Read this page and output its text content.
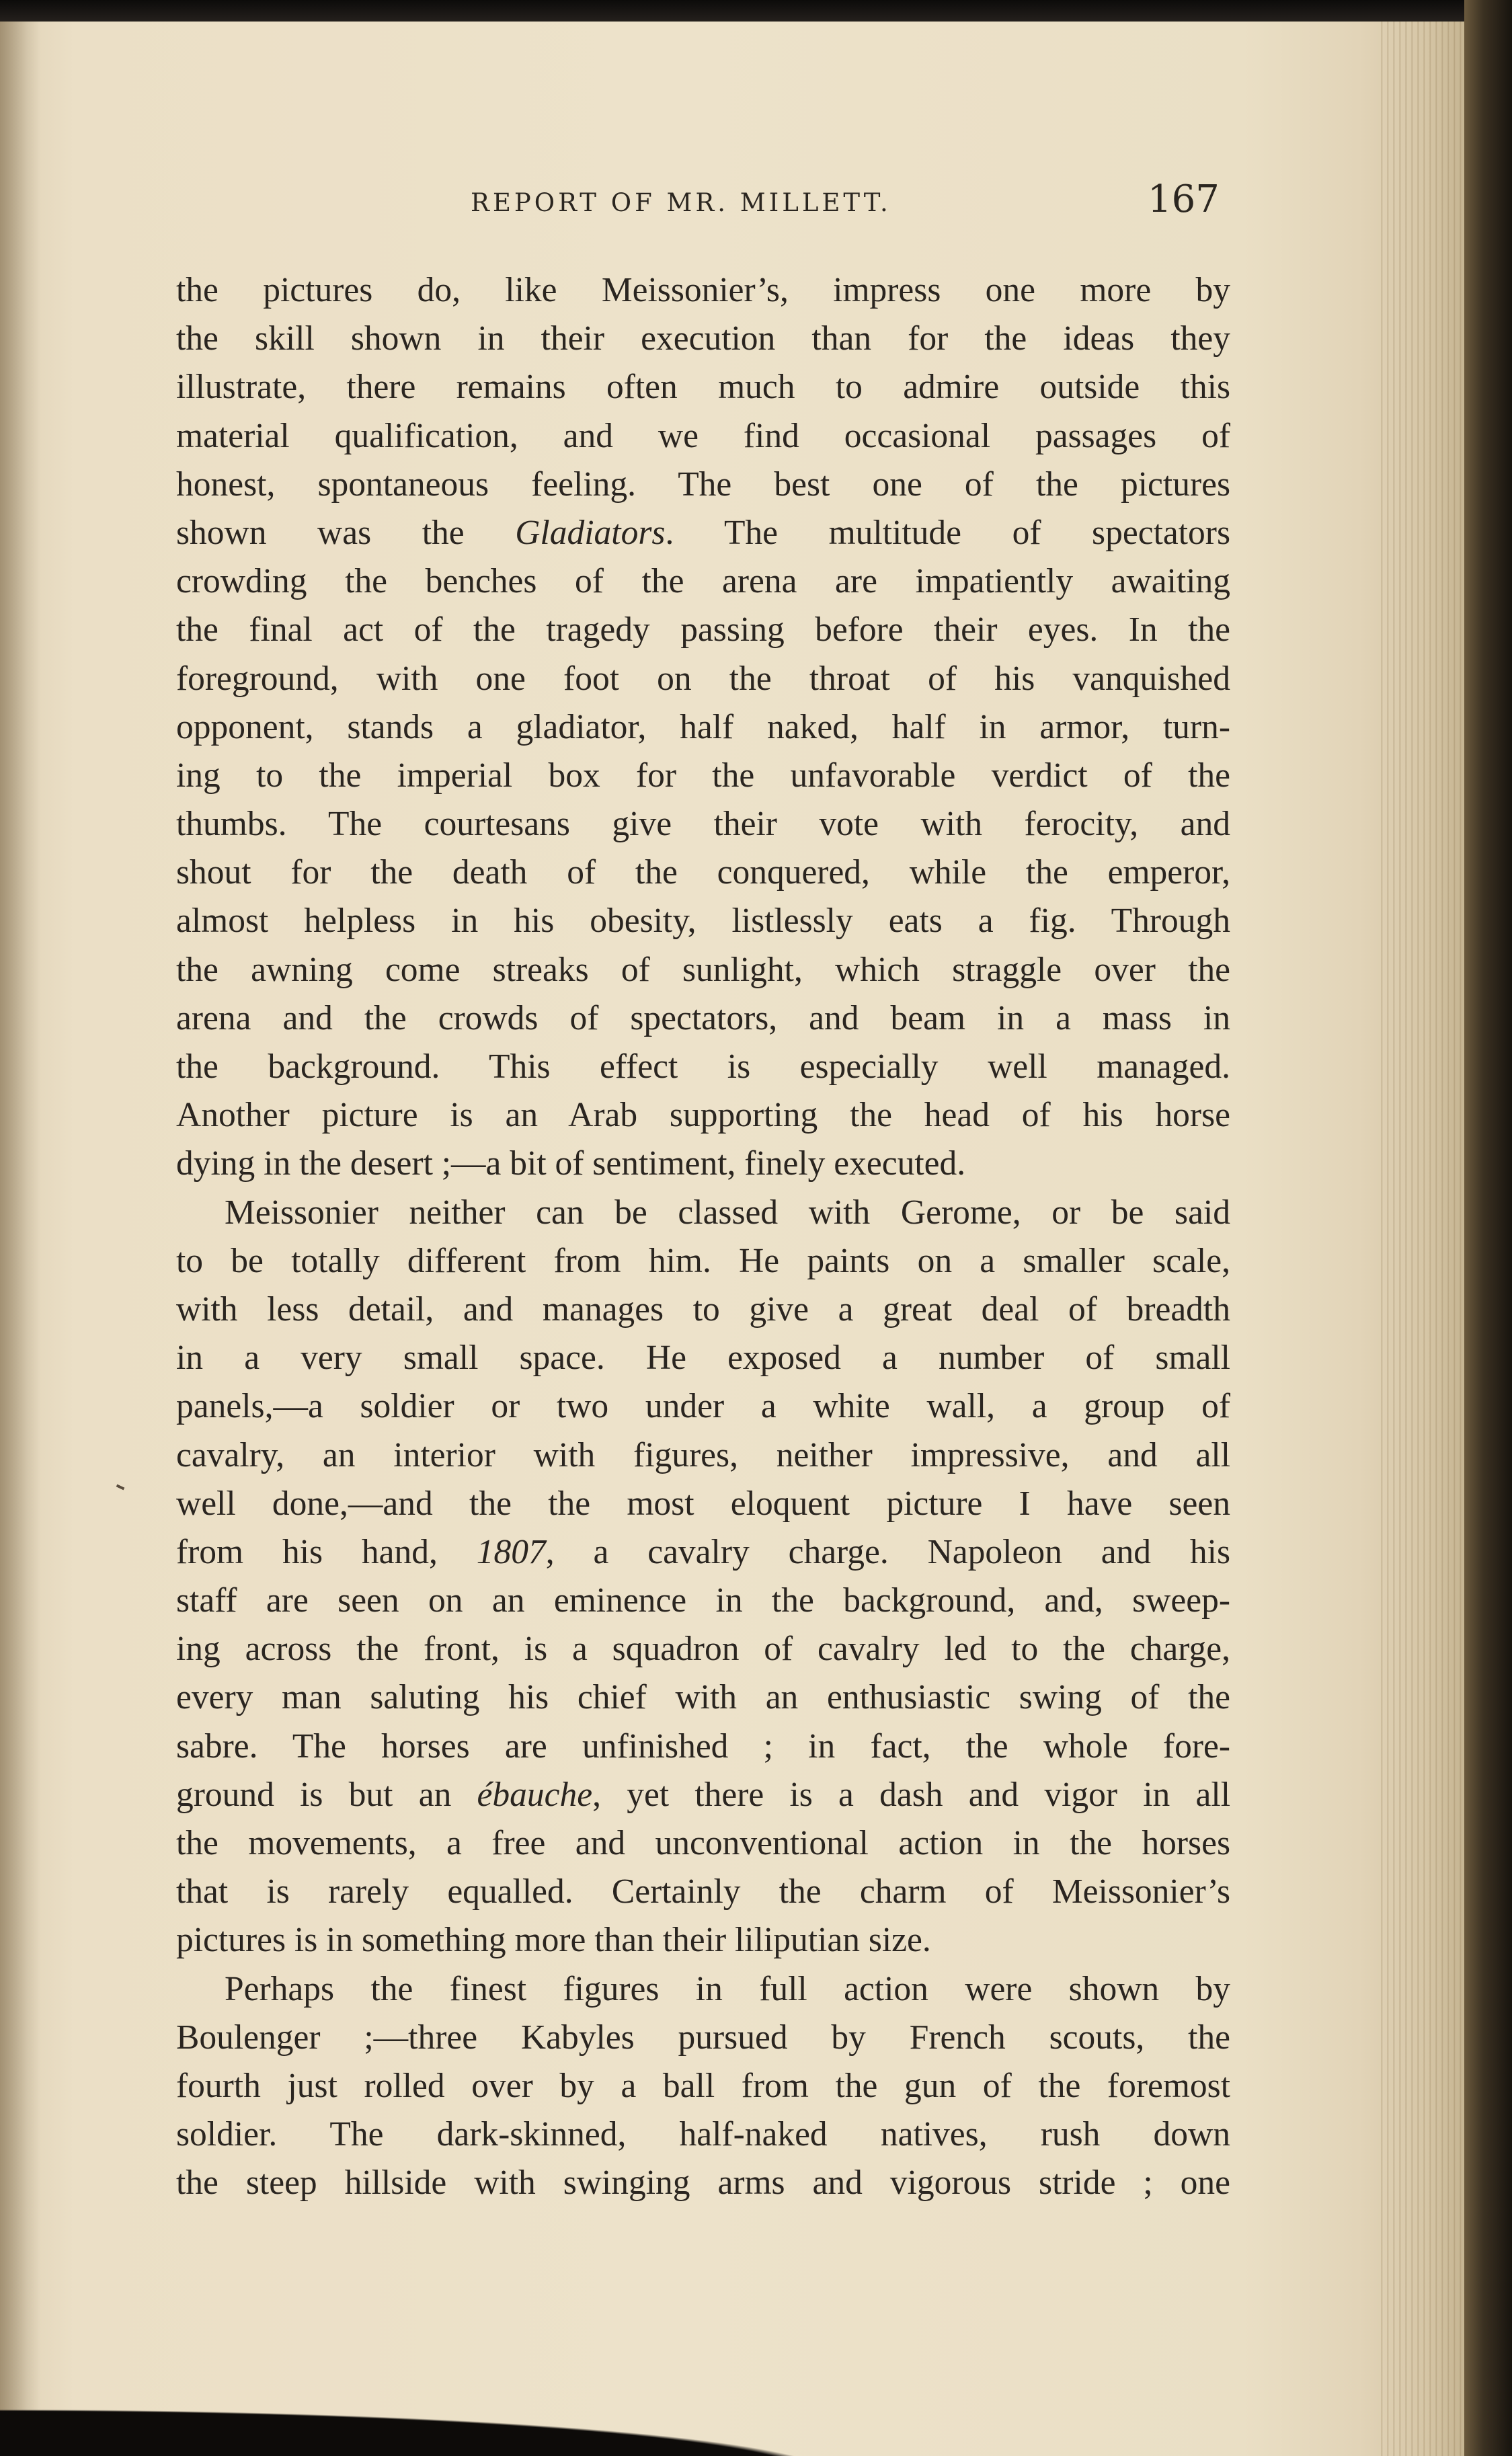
REPORT OF MR. MILLETT.	167
the pictures do, like Meissonier’s, impress one more by
the skill shown in their execution than for the ideas they
illustrate, there remains often much to admire outside this
material qualification, and we find occasional passages of
honest, spontaneous feeling. The best one of the pictures
shown was the Gladiators. The multitude of spectators
crowding the benches of the arena are impatiently awaiting
the final act of the tragedy passing before their eyes. In the
foreground, with one foot on the throat of his vanquished
opponent, stands a gladiator, half naked, half in armor, turn-
ing to the imperial box for the unfavorable verdict of the
thumbs. The courtesans give their vote with ferocity, and
shout for the death of the conquered, while the emperor,
almost helpless in his obesity, listlessly eats a fig. Through
the awning come streaks of sunlight, which straggle over the
arena and the crowds of spectators, and beam in a mass in
the background. This effect is especially well managed.
Another picture is an Arab supporting the head of his horse
dying in the desert ;—a bit of sentiment, finely executed.
Meissonier neither can be classed with Gerome, or be said
to be totally different from him. He paints on a smaller scale,
with less detail, and manages to give a great deal of breadth
in a very small space. He exposed a number of small
panels,—a soldier or two under a white wall, a group of
cavalry, an interior with figures, neither impressive, and all
well done,—and the the most eloquent picture I have seen
from his hand, 1807, a cavalry charge. Napoleon and his
staff are seen on an eminence in the background, and, sweep-
ing across the front, is a squadron of cavalry led to the charge,
every man saluting his chief with an enthusiastic swing of the
sabre. The horses are unfinished ; in fact, the whole fore-
ground is but an ébauche, yet there is a dash and vigor in all
the movements, a free and unconventional action in the horses
that is rarely equalled. Certainly the charm of Meissonier’s
pictures is in something more than their liliputian size.
Perhaps the finest figures in full action were shown by
Boulenger ;—three Kabyles pursued by French scouts, the
fourth just rolled over by a ball from the gun of the foremost
soldier. The dark-skinned, half-naked natives, rush down
the steep hillside with swinging arms and vigorous stride ; one
